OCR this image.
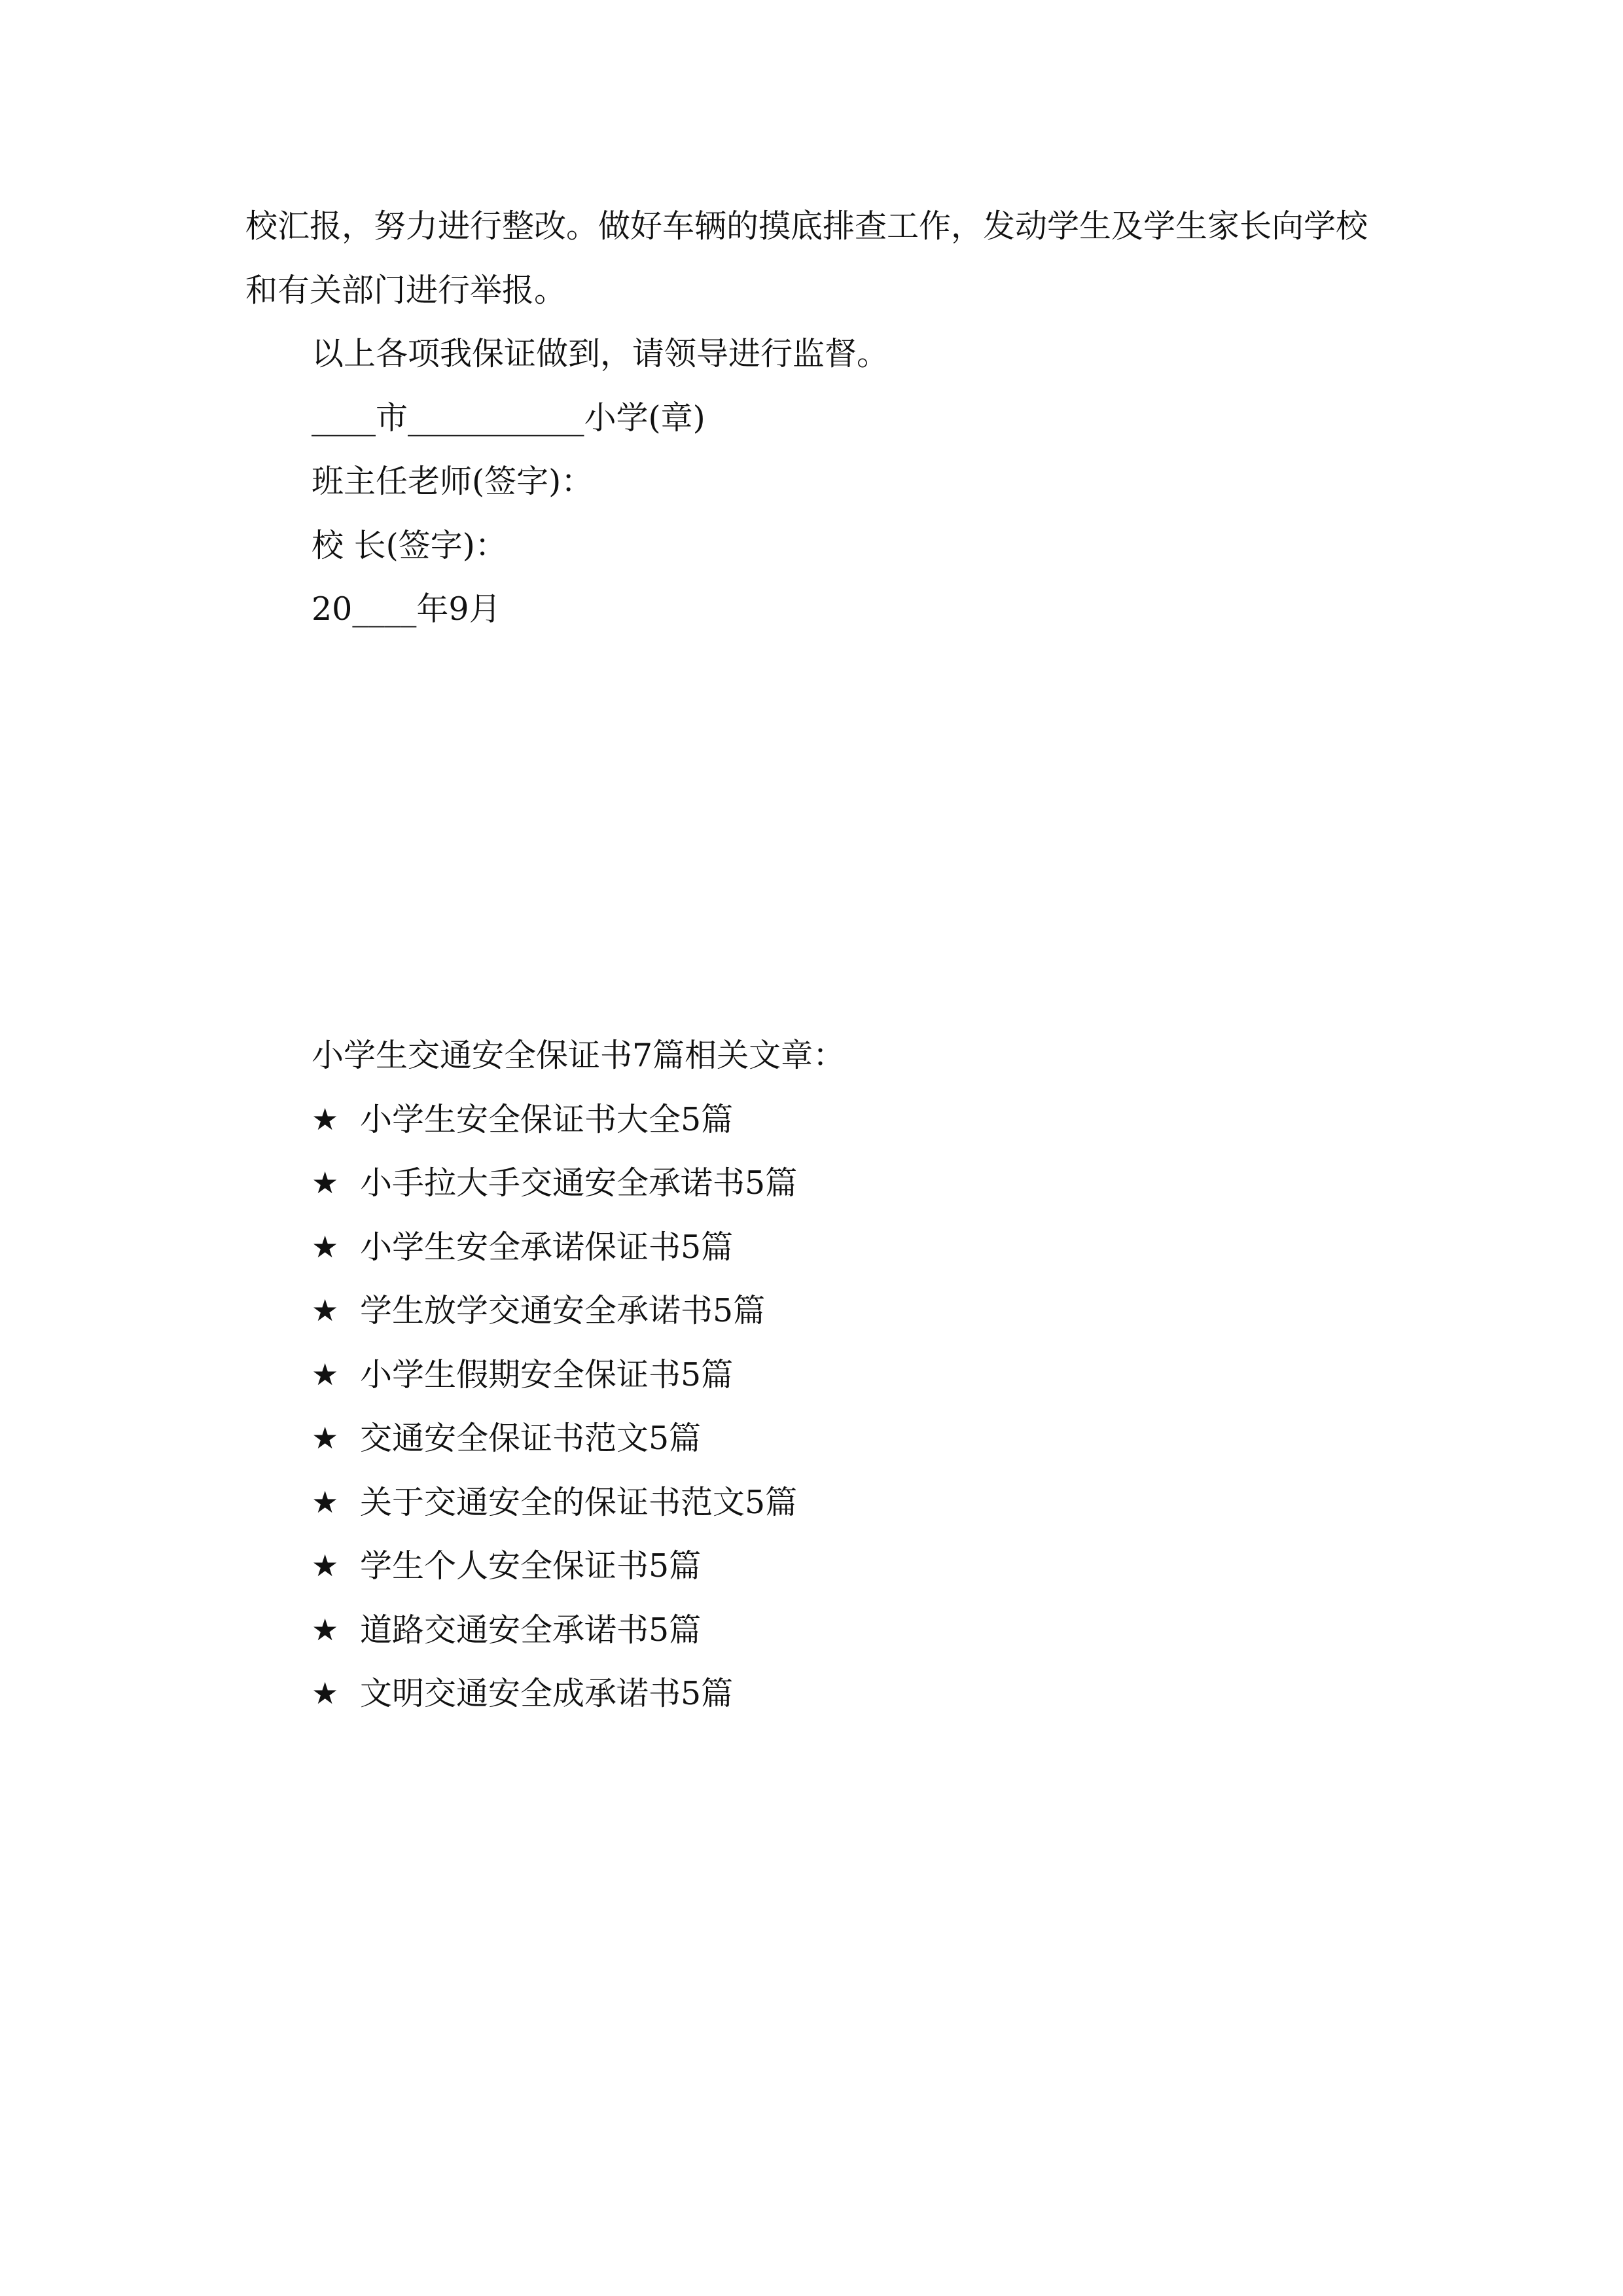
校汇报，努力进行整改。做好车辆的摸底排查工作，发动学生及学生家长向学校
和有关部门进行举报。
以上各项我保证做到，请领导进行监督。
____市___________小学(章)
班主任老师(签字)：
校 长(签字)：
20____年9月
小学生交通安全保证书7篇相关文章：
★ 小学生安全保证书大全5篇
★ 小手拉大手交通安全承诺书5篇
★ 小学生安全承诺保证书5篇
★ 学生放学交通安全承诺书5篇
★ 小学生假期安全保证书5篇
★ 交通安全保证书范文5篇
★ 关于交通安全的保证书范文5篇
★ 学生个人安全保证书5篇
★ 道路交通安全承诺书5篇
★ 文明交通安全成承诺书5篇
